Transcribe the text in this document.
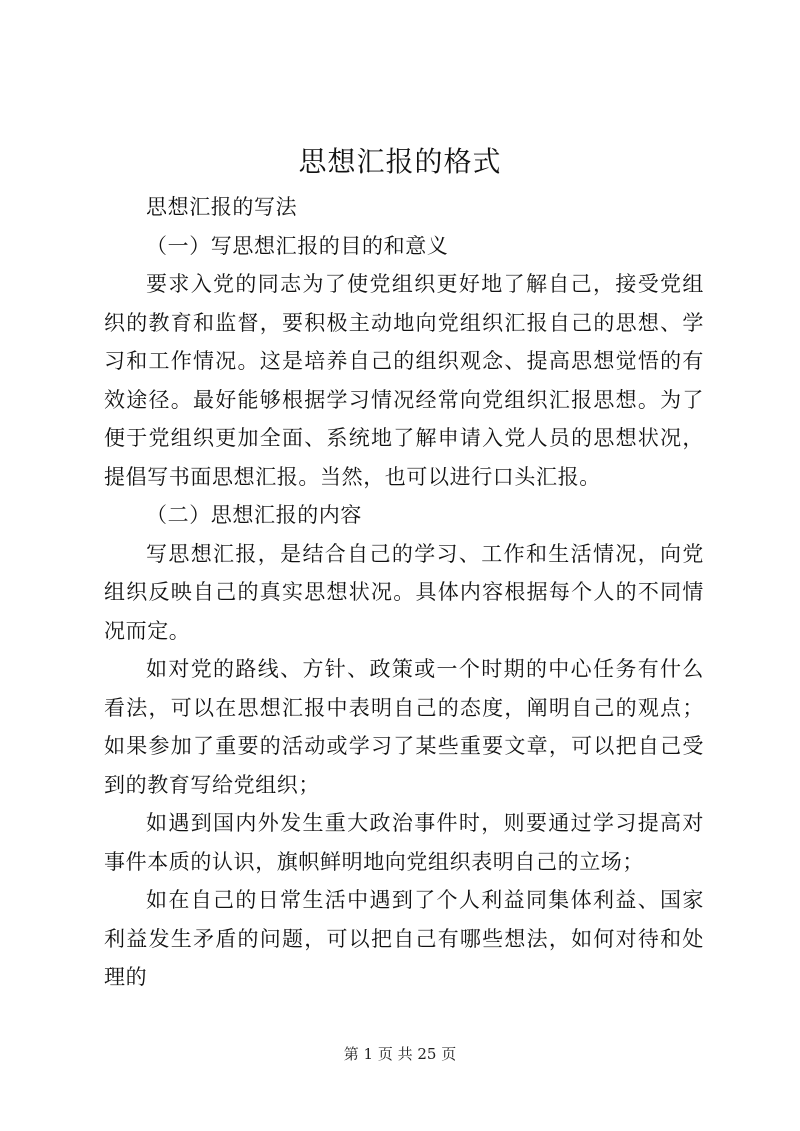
思想汇报的格式

思想汇报的写法

（一）写思想汇报的目的和意义

要求入党的同志为了使党组织更好地了解自己，接受党组织的教育和监督，要积极主动地向党组织汇报自己的思想、学习和工作情况。这是培养自己的组织观念、提高思想觉悟的有效途径。最好能够根据学习情况经常向党组织汇报思想。为了便于党组织更加全面、系统地了解申请入党人员的思想状况，提倡写书面思想汇报。当然，也可以进行口头汇报。

（二）思想汇报的内容

写思想汇报，是结合自己的学习、工作和生活情况，向党组织反映自己的真实思想状况。具体内容根据每个人的不同情况而定。

如对党的路线、方针、政策或一个时期的中心任务有什么看法，可以在思想汇报中表明自己的态度，阐明自己的观点；如果参加了重要的活动或学习了某些重要文章，可以把自己受到的教育写给党组织；

如遇到国内外发生重大政治事件时，则要通过学习提高对事件本质的认识，旗帜鲜明地向党组织表明自己的立场；

如在自己的日常生活中遇到了个人利益同集体利益、国家利益发生矛盾的问题，可以把自己有哪些想法，如何对待和处理的

第 1 页 共 25 页
